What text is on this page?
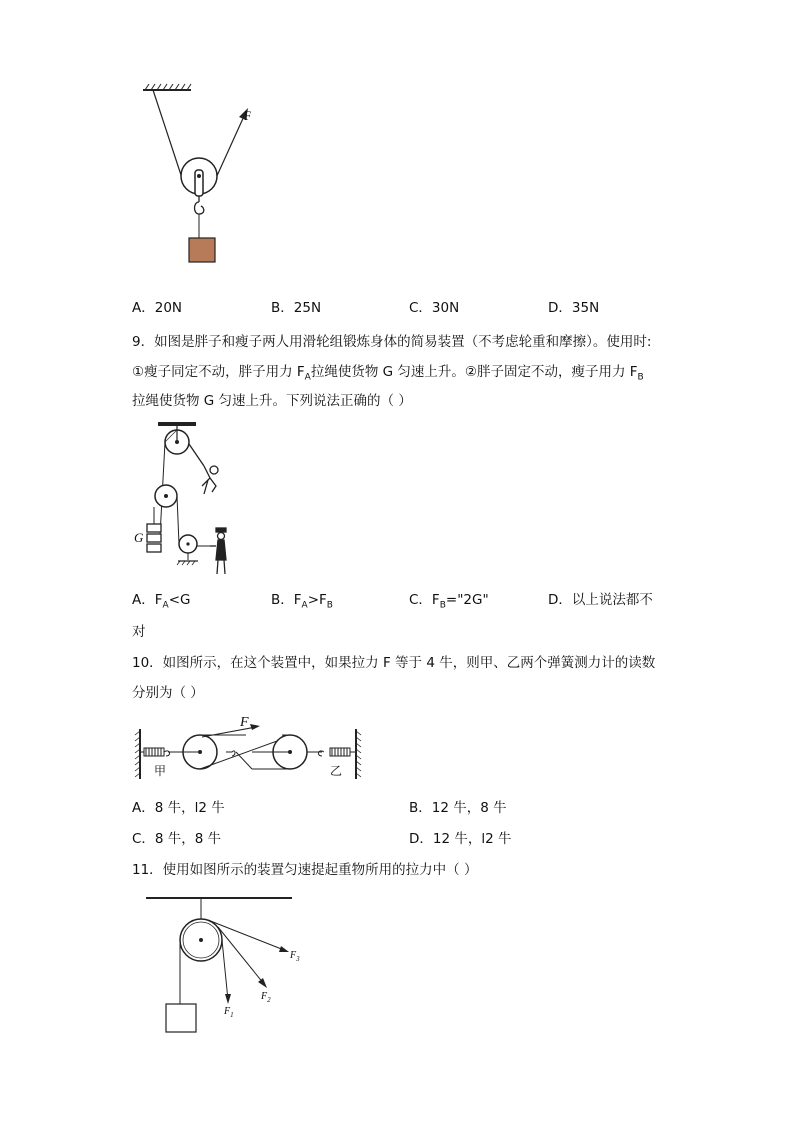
F
A．20N	B．25N	C．30N	D．35N
9．如图是胖子和瘦子两人用滑轮组锻炼身体的简易装置（不考虑轮重和摩擦）。使用时:
①瘦子同定不动，胖子用力 $F_A$拉绳使货物 G 匀速上升。②胖子固定不动，瘦子用力 $F_B$
拉绳使货物 G 匀速上升。下列说法正确的（ ）
G
A．$F_A<G$	B．$F_A>F_B$	C．$F_B="2G$"	D．以上说法都不
对
10．如图所示，在这个装置中，如果拉力 F 等于 4 牛，则甲、乙两个弹簧测力计的读数
分别为（ ）
F
甲	乙
A．8 牛，l2 牛	B．12 牛，8 牛
C．8 牛，8 牛	D．12 牛，l2 牛
11．使用如图所示的装置匀速提起重物所用的拉力中（ ）
$F_1$
$F_2$
$F_3$
